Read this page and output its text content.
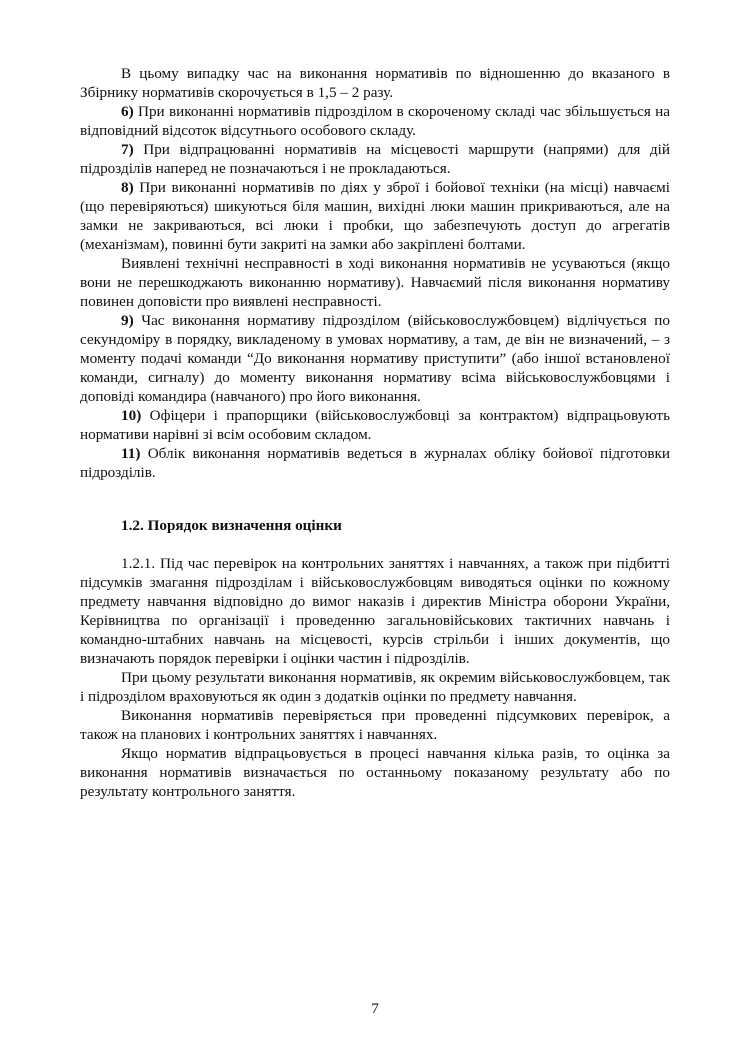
В цьому випадку час на виконання нормативів по відношенню до вказаного в Збірнику нормативів скорочується в 1,5 – 2 разу.

6) При виконанні нормативів підрозділом в скороченому складі час збільшується на відповідний відсоток відсутнього особового складу.

7) При відпрацюванні нормативів на місцевості маршрути (напрями) для дій підрозділів наперед не позначаються і не прокладаються.

8) При виконанні нормативів по діях у зброї і бойової техніки (на місці) навчаємі (що перевіряються) шикуються біля машин, вихідні люки машин прикриваються, але на замки не закриваються, всі люки і пробки, що забезпечують доступ до агрегатів (механізмам), повинні бути закриті на замки або закріплені болтами.

Виявлені технічні несправності в ході виконання нормативів не усуваються (якщо вони не перешкоджають виконанню нормативу). Навчаємий після виконання нормативу повинен доповісти про виявлені несправності.

9) Час виконання нормативу підрозділом (військовослужбовцем) відлічується по секундоміру в порядку, викладеному в умовах нормативу, а там, де він не визначений, – з моменту подачі команди “До виконання нормативу приступити” (або іншої встановленої команди, сигналу) до моменту виконання нормативу всіма військовослужбовцями і доповіді командира (навчаного) про його виконання.

10) Офіцери і прапорщики (військовослужбовці за контрактом) відпрацьовують нормативи нарівні зі всім особовим складом.

11) Облік виконання нормативів ведеться в журналах обліку бойової підготовки підрозділів.

1.2. Порядок визначення оцінки

1.2.1. Під час перевірок на контрольних заняттях і навчаннях, а також при підбитті підсумків змагання підрозділам і військовослужбовцям виводяться оцінки по кожному предмету навчання відповідно до вимог наказів і директив Міністра оборони України, Керівництва по організації і проведенню загальновійськових тактичних навчань і командно-штабних навчань на місцевості, курсів стрільби і інших документів, що визначають порядок перевірки і оцінки частин і підрозділів.

При цьому результати виконання нормативів, як окремим військовослужбовцем, так і підрозділом враховуються як один з додатків оцінки по предмету навчання.

Виконання нормативів перевіряється при проведенні підсумкових перевірок, а також на планових і контрольних заняттях і навчаннях.

Якщо норматив відпрацьовується в процесі навчання кілька разів, то оцінка за виконання нормативів визначається по останньому показаному результату або по результату контрольного заняття.

7
